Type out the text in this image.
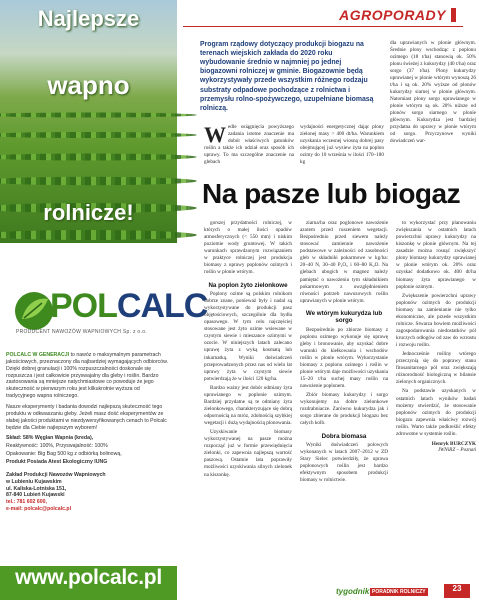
Najlepsze
wapno
rolnicze!
POLCALC
PRODUCENT NAWOZÓW WAPNIOWYCH Sp. z o.o.

POLCALC W GENERACJI to nawóz o maksymalnym parametrach jakościowych, przeznaczony dla najbardziej wymagających odbiorców. Dzięki dobrej granulacji i 100% rozpuszczalności doskonale się rozpuszcza i jest całkowicie przyswajalny dla gleby i roślin. Bardzo zastosowania są mniejsze natychmiastowe co powoduje że jego skuteczność w pierwszym roku jest kilkukrotnie wyższa od tradycyjnego wapna rolniczego.

Nasze eksperymenty i badania dowodzi najlepszą skuteczność tego produktu w odkwaszaniu gleby. Jeżeli masz dość eksperymentów ze słabej jakości produktami w niezdywersyfikowanych cenach to Polcalc będzie dla Ciebie najlepszym wyborem!

Skład: 58% Węglan Wapnia (kreda),

Reaktywność: 100%, Przyswajalność: 100%

Opakowanie: Big Bag 500 kg z odbiórką bolinową,

Produkt Posiada Atest Ekologiczny IUNG

Zakład Produkcji Nawozów Wapniowych
w Lubieniu Kujawskim
ul. Kaliska-Lotniska 151,
87-840 Lubień Kujawski
tel.: 781 602 600,
e-mail: polcalc@polcalc.pl
www.polcalc.pl
AGROPORADY
Program rządowy dotyczący produkcji biogazu na terenach wiejskich zakłada do 2020 roku wybudowanie średnio w najmniej po jednej biogazowni rolniczej w gminie. Biogazownie będą wykorzystywały przede wszystkim różnego rodzaju substraty odpadowe pochodzące z rolnictwa i przemysłu rolno-spożywczego, uzupełniane biomasą rolniczą.
W edle osiągnięcia powyższego zadania istotne znaczenie ma dobór właściwych gatunków roślin a także ich udział oraz sposób ich uprawy. To ma szczególne znaczenie na glebach
wydajności energetycznej dając plony zielonej masy > 400 dt/ha. Warunkiem uzyskania wczesnej wiosną dobrej pasy obejmującej już wysiew żyta na poplon ozimy do 10 września w ilości 170–180 kg
dla uprawianych w plonie głównym. Średnie plony wschodząc z poplonu ozimego (18 t/ha) stanowią ok. 50% plonu świeżej z kukurydzy (40 t/ha) oraz sorgo (37 t/ha). Plony kukurydzy uprawianej w plonie wtórym wynoszą 26 t/ha i są ok. 20% wyższe od plonów kukurydzy siarnej w plonie głównym. Natomiast plony sorgo uprawianego w plonie wtórym są ok. 20% niższe od plonów sorgo siarnego w plonie głównym. Kukurydza jest bardziej przydatna do uprawy w plonie wtórym od sorgo. Przyczynowe wyniki dowiadczeń war-
Na pasze lub biogaz

gorszej przydatności rolniczej, w których o małej ilości opadów atmosferycznych (< 550 mm) i niskim poziomie wody gruntowej. W takich warunkach sprawdzonym rozwiązaniem w praktyce rolniczej jest produkcja biomasy z uprawy poplonów ozimych i roślin w plonie wtórym.

Na poplon żyto zielonkowe

Poplony ozime są polskim rolnikom dobrze znane, ponieważ były i nadal są wykorzystywane do produkcji pasz objętościowych, szczególnie dla bydła opasowego. W tym celu najczęściej stosowane jest żyto ozime wsiewane w czystym siewie i mieszance ozimymi w ozocie. W niniejszych latach zalecano uprawę żyta z wyką kosmatą lub inkarnatką. Wyniki doświadczeń przeprowadzonych przez nas od wielu lat uprawy żyta w czystym siewie potwierdzają że w ilości 120 kg/ha.

Bardzo ważny jest dobór odmiany żyta uprawianego w poplonie ozimym. Bardziej przydatne są te odmiany żyta zielonkowego, charakteryzujące się dobrą odpornością na mróz, zdolnością szybkiej wegetacji i dużą wydajnością plonowania.

Uzyskiwanie biomasy wykorzystywanej na pasze można rozpocząć już w formie przewiędnięcia zielonki, co zapewnia najlepszą wartość paszową. Ostatnie lata poprawiły możliwości uzyskiwania silnych zielonek na kiszonkę.

ziarna/ha oraz poglonowe nawożenie azotem przed ruszeniem wegetacji. Bezpośrednio przed siewem należy stosować zamiennie nawożenie podstawowe w zależności od zasobności gleb w składniki pokarmowe w kg/ha: 20–40 N, 30–40 P₂O₅ i 60–80 K₂O. Na glebach ubogich w magnez należy pamiętać o nawożeniu tym składnikiem pokarmowym z uwzględnieniem równości potrzeb nawozowych roślin uprawianych w plonie wtórym.

We wtórym kukurydza lub sorgo

Bezpośrednio po zbiorze biomasy z poplonu ozimego wykonuje się uprawę gleby i bronowanie, aby uzyskać dobre warunki do kiełkowania i wschodów roślin w plonie wtórym. Wykorzystanie biomasy z poplonu ozimego i roślin w plonie wtórym daje możliwości uzyskania 15–20 t/ha suchej masy roślin na nawożenie poplonem.

Zbiór biomasy kukurydzy i sorgo wykonujemy na dobre zielonkowe rozdrabniacze. Zarówno kukurydza jak i sorgo zbierane do produkcji biogazu bez całych kolb.

Dobra biomasa

Wyniki doświadczeń polowych wykonanych w latach 2007–2012 w ZD Stary Sielec potwierdziły, że uprawa poplonowych roślin jest bardzo efektywnym sposobem produkcji biomasy w rolnictwie.

to wykorzystać przy planowaniu zwiększania w ostatnich latach powierzchni uprawy kukurydzy na kiszonkę w plonie głównym. Na tej zasadzie można rosnąć zwiększyć plony biomasy kukurydzy uprawianej w plonie wtórym ok. 20% oraz uzyskać dodatkowo ok. 400 dt/ha biomasy żyta uprawianego w poplonie ozimym.

Zwiększenie powierzchni uprawy poplonów ozimych do produkcji biomasy na zamienianie nie tylko ekonomiczne, ale przede wszystkim rolnicze. Stwarza bowiem możliwości zagospodarowania niedostatków pól kruczych odłogów od zaw do wzrostu i rozwoju roślin.

Jednocześnie rośliny wtórego przeczynią się do poprawy stanu fitosanitarnego pól oraz zwiększają różnorodność biologiczną w bilansie zielonych organicznych.

Na podstawie uzyskanych w ostatnich latach wyników badań możemy stwierdzić, że stosowanie poplonów ozimych do produkcji biogazu zapewnia właściwy rozwój roślin. Warto także podkreślić efekty zdrowotne w systemie roślin.

Henryk BURCZYK
IWNiRZ – Poznań

tygodnik PORADNIK ROLNICZY	23
